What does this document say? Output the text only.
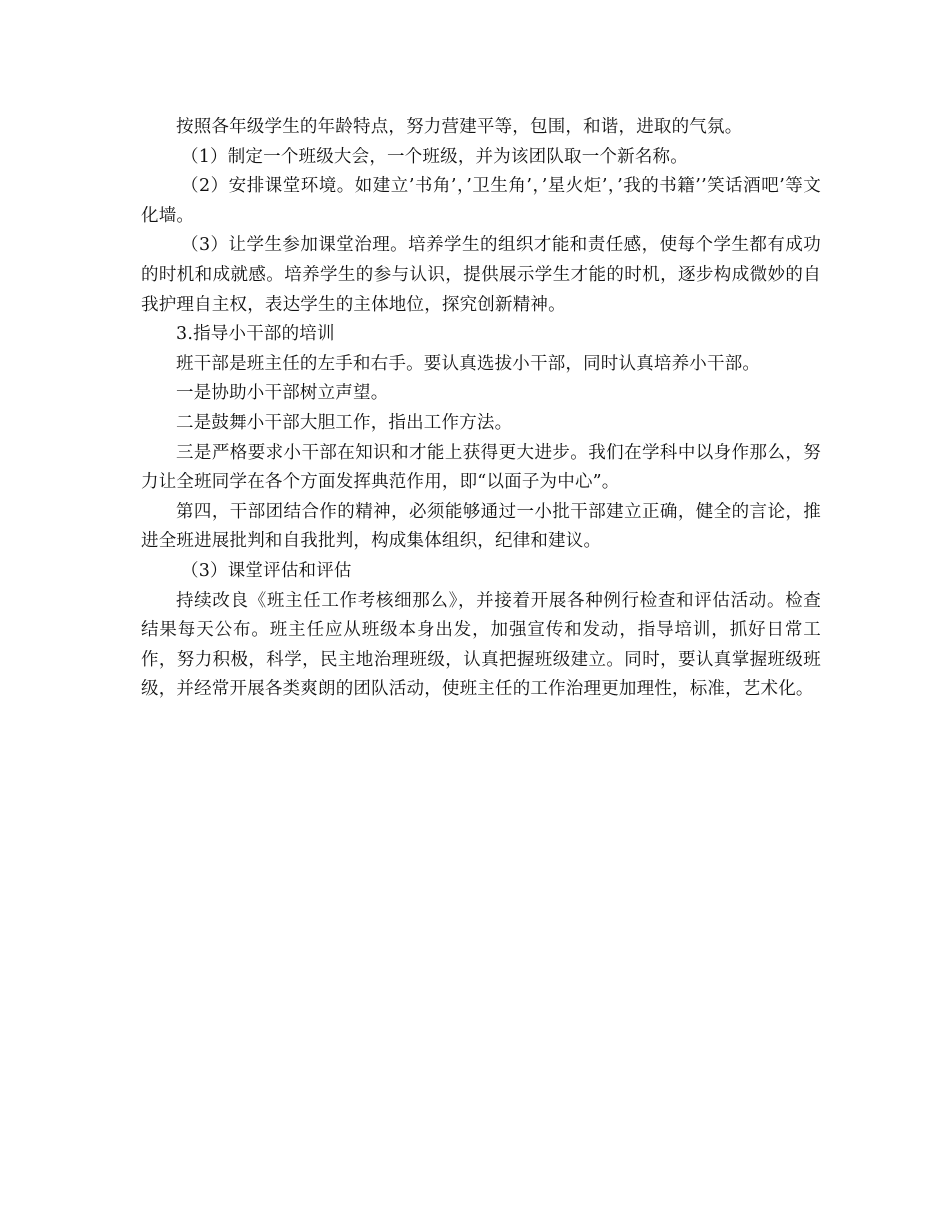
按照各年级学生的年龄特点，努力营建平等，包围，和谐，进取的气氛。

（1）制定一个班级大会，一个班级，并为该团队取一个新名称。

（2）安排课堂环境。如建立’书角’，’卫生角’，’星火炬’，’我的书籍’’笑话酒吧’等文化墙。

（3）让学生参加课堂治理。培养学生的组织才能和责任感，使每个学生都有成功的时机和成就感。培养学生的参与认识，提供展示学生才能的时机，逐步构成微妙的自我护理自主权，表达学生的主体地位，探究创新精神。

3.指导小干部的培训

班干部是班主任的左手和右手。要认真选拔小干部，同时认真培养小干部。

一是协助小干部树立声望。

二是鼓舞小干部大胆工作，指出工作方法。

三是严格要求小干部在知识和才能上获得更大进步。我们在学科中以身作那么，努力让全班同学在各个方面发挥典范作用，即“以面子为中心”。

第四，干部团结合作的精神，必须能够通过一小批干部建立正确，健全的言论，推进全班进展批判和自我批判，构成集体组织，纪律和建议。

（3）课堂评估和评估

持续改良《班主任工作考核细那么》，并接着开展各种例行检查和评估活动。检查结果每天公布。班主任应从班级本身出发，加强宣传和发动，指导培训，抓好日常工作，努力积极，科学，民主地治理班级，认真把握班级建立。同时，要认真掌握班级班级，并经常开展各类爽朗的团队活动，使班主任的工作治理更加理性，标准，艺术化。
